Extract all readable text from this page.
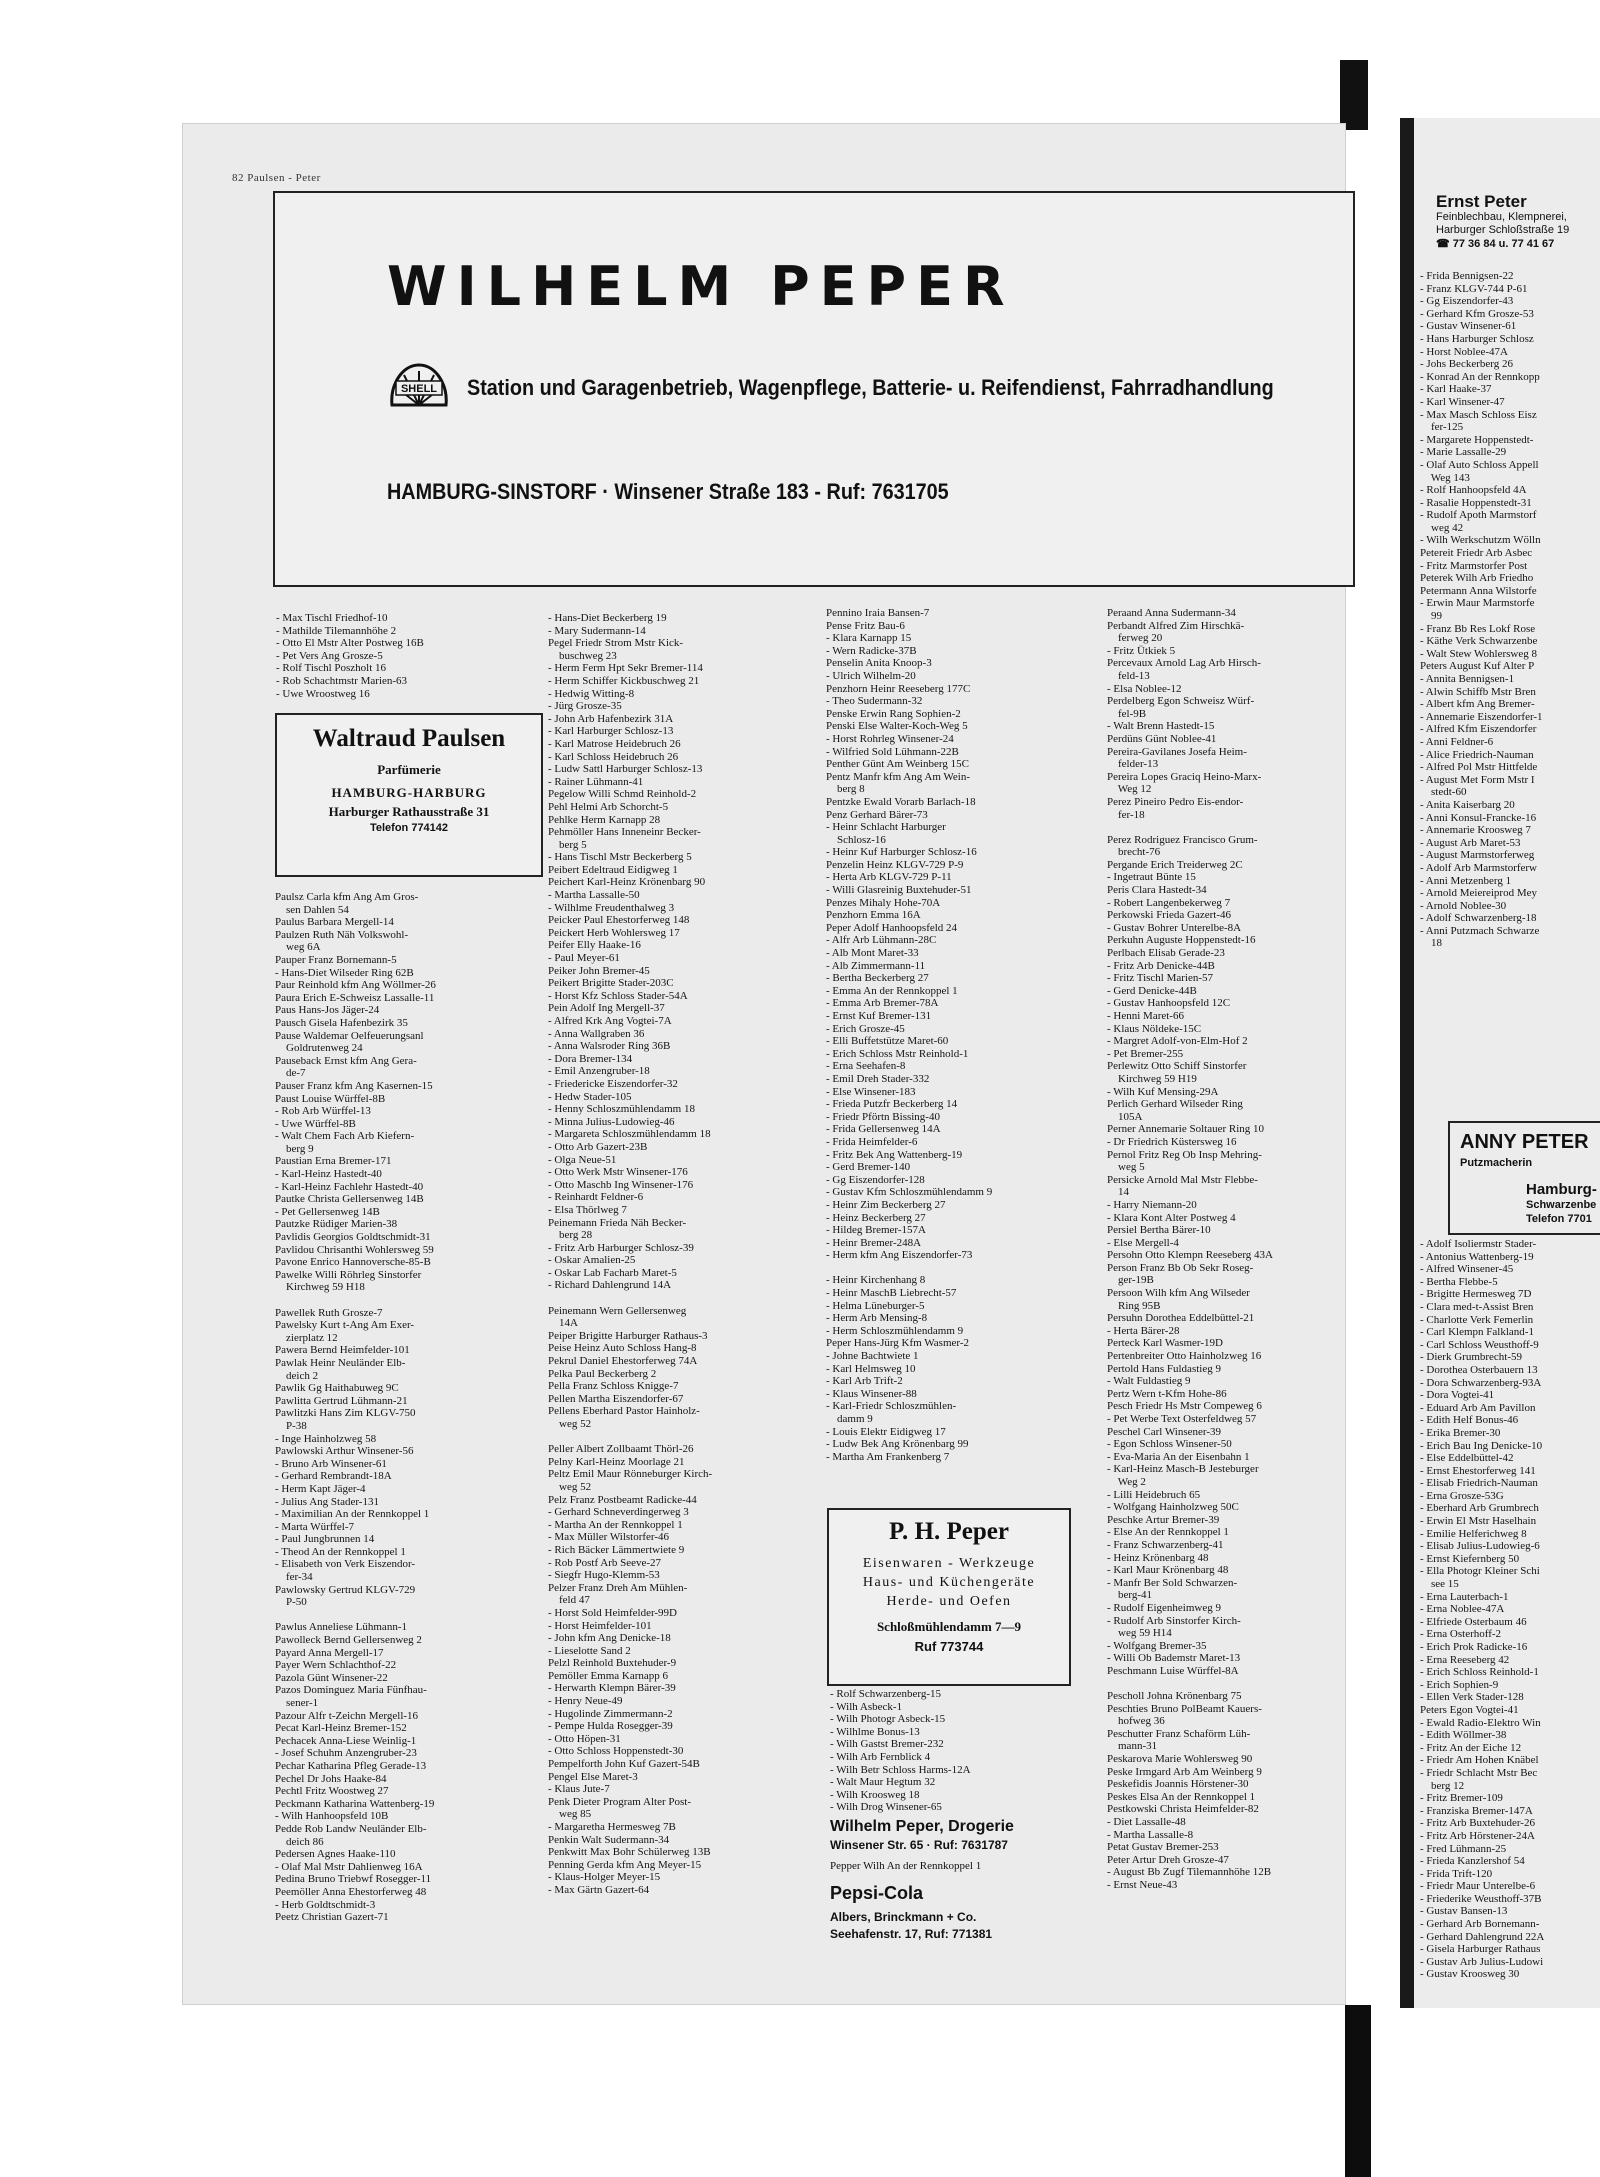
82 Paulsen - Peter
WILHELM PEPER
SHELL Station und Garagenbetrieb, Wagenpflege, Batterie- u. Reifendienst, Fahrradhandlung
HAMBURG-SINSTORF · Winsener Straße 183 - Ruf: 7631705
- Max Tischl Friedhof-10
- Mathilde Tilemannhöhe 2
- Otto El Mstr Alter Postweg 16B
- Pet Vers Ang Grosze-5
- Rolf Tischl Poszholt 16
- Rob Schachtmstr Marien-63
- Uwe Wroostweg 16
Waltraud Paulsen
Parfümerie
HAMBURG-HARBURG
Harburger Rathausstraße 31
Telefon 774142
Paulsz Carla kfm Ang Am Gros-
sen Dahlen 54
Paulus Barbara Mergell-14
Paulzen Ruth Näh Volkswohl-
weg 6A
Pauper Franz Bornemann-5
- Hans-Diet Wilseder Ring 62B
Paur Reinhold kfm Ang Wöllmer-26
Paura Erich E-Schweisz Lassalle-11
Paus Hans-Jos Jäger-24
Pausch Gisela Hafenbezirk 35
Pause Waldemar Oelfeuerungsanl
Goldrutenweg 24
Pauseback Ernst kfm Ang Gera-
de-7
Pauser Franz kfm Ang Kasernen-15
Paust Louise Würffel-8B
- Rob Arb Würffel-13
- Uwe Würffel-8B
- Walt Chem Fach Arb Kiefern-
berg 9
Paustian Erna Bremer-171
- Karl-Heinz Hastedt-40
- Karl-Heinz Fachlehr Hastedt-40
Pautke Christa Gellersenweg 14B
- Pet Gellersenweg 14B
Pautzke Rüdiger Marien-38
Pavlidis Georgios Goldtschmidt-31
Pavlidou Chrisanthi Wohlersweg 59
Pavone Enrico Hannoversche-85-B
Pawelke Willi Röhrleg Sinstorfer
Kirchweg 59 H18

Pawellek Ruth Grosze-7
Pawelsky Kurt t-Ang Am Exer-
zierplatz 12
Pawera Bernd Heimfelder-101
Pawlak Heinr Neuländer Elb-
deich 2
Pawlik Gg Haithabuweg 9C
Pawlitta Gertrud Lühmann-21
Pawlitzki Hans Zim KLGV-750
P-38
- Inge Hainholzweg 58
Pawlowski Arthur Winsener-56
- Bruno Arb Winsener-61
- Gerhard Rembrandt-18A
- Herm Kapt Jäger-4
- Julius Ang Stader-131
- Maximilian An der Rennkoppel 1
- Marta Würffel-7
- Paul Jungbrunnen 14
- Theod An der Rennkoppel 1
- Elisabeth von Verk Eiszendor-
fer-34
Pawlowsky Gertrud KLGV-729
P-50

Pawlus Anneliese Lühmann-1
Pawolleck Bernd Gellersenweg 2
Payard Anna Mergell-17
Payer Wern Schlachthof-22
Pazola Günt Winsener-22
Pazos Dominguez Maria Fünfhau-
sener-1
Pazour Alfr t-Zeichn Mergell-16
Pecat Karl-Heinz Bremer-152
Pechacek Anna-Liese Weinlig-1
- Josef Schuhm Anzengruber-23
Pechar Katharina Pfleg Gerade-13
Pechel Dr Johs Haake-84
Pechtl Fritz Woostweg 27
Peckmann Katharina Wattenberg-19
- Wilh Hanhoopsfeld 10B
Pedde Rob Landw Neuländer Elb-
deich 86
Pedersen Agnes Haake-110
- Olaf Mal Mstr Dahlienweg 16A
Pedina Bruno Triebwf Rosegger-11
Peemöller Anna Ehestorferweg 48
- Herb Goldtschmidt-3
Peetz Christian Gazert-71
- Hans-Diet Beckerberg 19
- Mary Sudermann-14
Pegel Friedr Strom Mstr Kick-
buschweg 23
- Herm Ferm Hpt Sekr Bremer-114
- Herm Schiffer Kickbuschweg 21
- Hedwig Witting-8
- Jürg Grosze-35
- John Arb Hafenbezirk 31A
- Karl Harburger Schlosz-13
- Karl Matrose Heidebruch 26
- Karl Schloss Heidebruch 26
- Ludw Sattl Harburger Schlosz-13
- Rainer Lühmann-41
Pegelow Willi Schmd Reinhold-2
Pehl Helmi Arb Schorcht-5
Pehlke Herm Karnapp 28
Pehmöller Hans Inneneinr Becker-
berg 5
- Hans Tischl Mstr Beckerberg 5
Peibert Edeltraud Eidigweg 1
Peichert Karl-Heinz Krönenbarg 90
- Martha Lassalle-50
- Wilhlme Freudenthalweg 3
Peicker Paul Ehestorferweg 148
Peickert Herb Wohlersweg 17
Peifer Elly Haake-16
- Paul Meyer-61
Peiker John Bremer-45
Peikert Brigitte Stader-203C
- Horst Kfz Schloss Stader-54A
Pein Adolf Ing Mergell-37
- Alfred Krk Ang Vogtei-7A
- Anna Wallgraben 36
- Anna Walsroder Ring 36B
- Dora Bremer-134
- Emil Anzengruber-18
- Friedericke Eiszendorfer-32
- Hedw Stader-105
- Henny Schloszmühlendamm 18
- Minna Julius-Ludowieg-46
- Margareta Schloszmühlendamm 18
- Otto Arb Gazert-23B
- Olga Neue-51
- Otto Werk Mstr Winsener-176
- Otto Maschb Ing Winsener-176
- Reinhardt Feldner-6
- Elsa Thörlweg 7
Peinemann Frieda Näh Becker-
berg 28
- Fritz Arb Harburger Schlosz-39
- Oskar Amalien-25
- Oskar Lab Facharb Maret-5
- Richard Dahlengrund 14A

Peinemann Wern Gellersenweg
14A
Peiper Brigitte Harburger Rathaus-3
Peise Heinz Auto Schloss Hang-8
Pekrul Daniel Ehestorferweg 74A
Pelka Paul Beckerberg 2
Pella Franz Schloss Knigge-7
Pellen Martha Eiszendorfer-67
Pellens Eberhard Pastor Hainholz-
weg 52

Peller Albert Zollbaamt Thörl-26
Pelny Karl-Heinz Moorlage 21
Peltz Emil Maur Rönneburger Kirch-
weg 52
Pelz Franz Postbeamt Radicke-44
- Gerhard Schneverdingerweg 3
- Martha An der Rennkoppel 1
- Max Müller Wilstorfer-46
- Rich Bäcker Lämmertwiete 9
- Rob Postf Arb Seeve-27
- Siegfr Hugo-Klemm-53
Pelzer Franz Dreh Am Mühlen-
feld 47
- Horst Sold Heimfelder-99D
- Horst Heimfelder-101
- John kfm Ang Denicke-18
- Lieselotte Sand 2
Pelzl Reinhold Buxtehuder-9
Pemöller Emma Karnapp 6
- Herwarth Klempn Bärer-39
- Henry Neue-49
- Hugolinde Zimmermann-2
- Pempe Hulda Rosegger-39
- Otto Höpen-31
- Otto Schloss Hoppenstedt-30
Pempelforth John Kuf Gazert-54B
Pengel Else Maret-3
- Klaus Jute-7
Penk Dieter Program Alter Post-
weg 85
- Margaretha Hermesweg 7B
Penkin Walt Sudermann-34
Penkwitt Max Bohr Schülerweg 13B
Penning Gerda kfm Ang Meyer-15
- Klaus-Holger Meyer-15
- Max Gärtn Gazert-64
Pennino Iraia Bansen-7
Pense Fritz Bau-6
- Klara Karnapp 15
- Wern Radicke-37B
Penselin Anita Knoop-3
- Ulrich Wilhelm-20
Penzhorn Heinr Reeseberg 177C
- Theo Sudermann-32
Penske Erwin Rang Sophien-2
Penski Else Walter-Koch-Weg 5
- Horst Rohrleg Winsener-24
- Wilfried Sold Lühmann-22B
Penther Günt Am Weinberg 15C
Pentz Manfr kfm Ang Am Wein-
berg 8
Pentzke Ewald Vorarb Barlach-18
Penz Gerhard Bärer-73
- Heinr Schlacht Harburger
Schlosz-16
- Heinr Kuf Harburger Schlosz-16
Penzelin Heinz KLGV-729 P-9
- Herta Arb KLGV-729 P-11
- Willi Glasreinig Buxtehuder-51
Penzes Mihaly Hohe-70A
Penzhorn Emma 16A
Peper Adolf Hanhoopsfeld 24
- Alfr Arb Lühmann-28C
- Alb Mont Maret-33
- Alb Zimmermann-11
- Bertha Beckerberg 27
- Emma An der Rennkoppel 1
- Emma Arb Bremer-78A
- Ernst Kuf Bremer-131
- Erich Grosze-45
- Elli Buffetstütze Maret-60
- Erich Schloss Mstr Reinhold-1
- Erna Seehafen-8
- Emil Dreh Stader-332
- Else Winsener-183
- Frieda Putzfr Beckerberg 14
- Friedr Pförtn Bissing-40
- Frida Gellersenweg 14A
- Frida Heimfelder-6
- Fritz Bek Ang Wattenberg-19
- Gerd Bremer-140
- Gg Eiszendorfer-128
- Gustav Kfm Schloszmühlendamm 9
- Heinr Zim Beckerberg 27
- Heinz Beckerberg 27
- Hildeg Bremer-157A
- Heinr Bremer-248A
- Herm kfm Ang Eiszendorfer-73

- Heinr Kirchenhang 8
- Heinr MaschB Liebrecht-57
- Helma Lüneburger-5
- Herm Arb Mensing-8
- Herm Schloszmühlendamm 9
Peper Hans-Jürg Kfm Wasmer-2
- Johne Bachtwiete 1
- Karl Helmsweg 10
- Karl Arb Trift-2
- Klaus Winsener-88
- Karl-Friedr Schloszmühlen-
damm 9
- Louis Elektr Eidigweg 17
- Ludw Bek Ang Krönenbarg 99
- Martha Am Frankenberg 7
P. H. Peper
Eisenwaren - Werkzeuge
Haus- und Küchengeräte
Herde- und Oefen
Schloßmühlendamm 7—9
Ruf 773744
- Rolf Schwarzenberg-15
- Wilh Asbeck-1
- Wilh Photogr Asbeck-15
- Wilhlme Bonus-13
- Wilh Gastst Bremer-232
- Wilh Arb Fernblick 4
- Wilh Betr Schloss Harms-12A
- Walt Maur Hegtum 32
- Wilh Kroosweg 18
- Wilh Drog Winsener-65
Wilhelm Peper, Drogerie
Winsener Str. 65 · Ruf: 7631787
Pepper Wilh An der Rennkoppel 1
Pepsi-Cola
Albers, Brinckmann + Co.
Seehafenstr. 17, Ruf: 771381
Peraand Anna Sudermann-34
Perbandt Alfred Zim Hirschkä-
ferweg 20
- Fritz Ütkiek 5
Percevaux Arnold Lag Arb Hirsch-
feld-13
- Elsa Noblee-12
Perdelberg Egon Schweisz Würf-
fel-9B
- Walt Brenn Hastedt-15
Perdüns Günt Noblee-41
Pereira-Gavilanes Josefa Heim-
felder-13
Pereira Lopes Graciq Heino-Marx-
Weg 12
Perez Pineiro Pedro Eis-endor-
fer-18

Perez Rodriguez Francisco Grum-
brecht-76
Pergande Erich Treiderweg 2C
- Ingetraut Bünte 15
Peris Clara Hastedt-34
- Robert Langenbekerweg 7
Perkowski Frieda Gazert-46
- Gustav Bohrer Unterelbe-8A
Perkuhn Auguste Hoppenstedt-16
Perlbach Elisab Gerade-23
- Fritz Arb Denicke-44B
- Fritz Tischl Marien-57
- Gerd Denicke-44B
- Gustav Hanhoopsfeld 12C
- Henni Maret-66
- Klaus Nöldeke-15C
- Margret Adolf-von-Elm-Hof 2
- Pet Bremer-255
Perlewitz Otto Schiff Sinstorfer
Kirchweg 59 H19
- Wilh Kuf Mensing-29A
Perlich Gerhard Wilseder Ring
105A
Perner Annemarie Soltauer Ring 10
- Dr Friedrich Küstersweg 16
Pernol Fritz Reg Ob Insp Mehring-
weg 5
Persicke Arnold Mal Mstr Flebbe-
14
- Harry Niemann-20
- Klara Kont Alter Postweg 4
Persiel Bertha Bärer-10
- Else Mergell-4
Persohn Otto Klempn Reeseberg 43A
Person Franz Bb Ob Sekr Roseg-
ger-19B
Persoon Wilh kfm Ang Wilseder
Ring 95B
Persuhn Dorothea Eddelbüttel-21
- Herta Bärer-28
Perteck Karl Wasmer-19D
Pertenbreiter Otto Hainholzweg 16
Pertold Hans Fuldastieg 9
- Walt Fuldastieg 9
Pertz Wern t-Kfm Hohe-86
Pesch Friedr Hs Mstr Compeweg 6
- Pet Werbe Text Osterfeldweg 57
Peschel Carl Winsener-39
- Egon Schloss Winsener-50
- Eva-Maria An der Eisenbahn 1
- Karl-Heinz Masch-B Jesteburger
Weg 2
- Lilli Heidebruch 65
- Wolfgang Hainholzweg 50C
Peschke Artur Bremer-39
- Else An der Rennkoppel 1
- Franz Schwarzenberg-41
- Heinz Krönenbarg 48
- Karl Maur Krönenbarg 48
- Manfr Ber Sold Schwarzen-
berg-41
- Rudolf Eigenheimweg 9
- Rudolf Arb Sinstorfer Kirch-
weg 59 H14
- Wolfgang Bremer-35
- Willi Ob Bademstr Maret-13
Peschmann Luise Würffel-8A

Pescholl Johna Krönenbarg 75
Peschties Bruno PolBeamt Kauers-
hofweg 36
Peschutter Franz Schaförm Lüh-
mann-31
Peskarova Marie Wohlersweg 90
Peske Irmgard Arb Am Weinberg 9
Peskefidis Joannis Hörstener-30
Peskes Elsa An der Rennkoppel 1
Pestkowski Christa Heimfelder-82
- Diet Lassalle-48
- Martha Lassalle-8
Petat Gustav Bremer-253
Peter Artur Dreh Grosze-47
- August Bb Zugf Tilemannhöhe 12B
- Ernst Neue-43
Ernst Peter
Feinblechbau, Klempnerei,
Harburger Schloßstraße 19
☎ 77 36 84 u. 77 41 67
- Frida Bennigsen-22
- Franz KLGV-744 P-61
- Gg Eiszendorfer-43
- Gerhard Kfm Grosze-53
- Gustav Winsener-61
- Hans Harburger Schlosz
- Horst Noblee-47A
- Johs Beckerberg 26
- Konrad An der Rennkopp
- Karl Haake-37
- Karl Winsener-47
- Max Masch Schloss Eisz
fer-125
- Margarete Hoppenstedt-
- Marie Lassalle-29
- Olaf Auto Schloss Appell
Weg 143
- Rolf Hanhoopsfeld 4A
- Rasalie Hoppenstedt-31
- Rudolf Apoth Marmstorf
weg 42
- Wilh Werkschutzm Wölln
Petereit Friedr Arb Asbec
- Fritz Marmstorfer Post
Peterek Wilh Arb Friedho
Petermann Anna Wilstorfe
- Erwin Maur Marmstorfe
99
- Franz Bb Res Lokf Rose
- Käthe Verk Schwarzenbe
- Walt Stew Wohlersweg 8
Peters August Kuf Alter P
- Annita Bennigsen-1
- Alwin Schiffb Mstr Bren
- Albert kfm Ang Bremer-
- Annemarie Eiszendorfer-1
- Alfred Kfm Eiszendorfer
- Anni Feldner-6
- Alice Friedrich-Nauman
- Alfred Pol Mstr Hittfelde
- August Met Form Mstr I
stedt-60
- Anita Kaiserbarg 20
- Anni Konsul-Francke-16
- Annemarie Kroosweg 7
- August Arb Maret-53
- August Marmstorferweg
- Adolf Arb Marmstorferw
- Anni Metzenberg 1
- Arnold Meiereiprod Mey
- Arnold Noblee-30
- Adolf Schwarzenberg-18
- Anni Putzmach Schwarze
18
ANNY PETER
Putzmacherin
Hamburg-
Schwarzenbe
Telefon 7701
- Adolf Isoliermstr Stader-
- Antonius Wattenberg-19
- Alfred Winsener-45
- Bertha Flebbe-5
- Brigitte Hermesweg 7D
- Clara med-t-Assist Bren
- Charlotte Verk Femerlin
- Carl Klempn Falkland-1
- Carl Schloss Weusthoff-9
- Dierk Grumbrecht-59
- Dorothea Osterbauern 13
- Dora Schwarzenberg-93A
- Dora Vogtei-41
- Eduard Arb Am Pavillon
- Edith Helf Bonus-46
- Erika Bremer-30
- Erich Bau Ing Denicke-10
- Else Eddelbüttel-42
- Ernst Ehestorferweg 141
- Elisab Friedrich-Nauman
- Erna Grosze-53G
- Eberhard Arb Grumbrech
- Erwin El Mstr Haselhain
- Emilie Helferichweg 8
- Elisab Julius-Ludowieg-6
- Ernst Kiefernberg 50
- Ella Photogr Kleiner Schi
see 15
- Erna Lauterbach-1
- Erna Noblee-47A
- Elfriede Osterbaum 46
- Erna Osterhoff-2
- Erich Prok Radicke-16
- Erna Reeseberg 42
- Erich Schloss Reinhold-1
- Erich Sophien-9
- Ellen Verk Stader-128
Peters Egon Vogtei-41
- Ewald Radio-Elektro Win
- Edith Wöllmer-38
- Fritz An der Eiche 12
- Friedr Am Hohen Knäbel
- Friedr Schlacht Mstr Bec
berg 12
- Fritz Bremer-109
- Franziska Bremer-147A
- Fritz Arb Buxtehuder-26
- Fritz Arb Hörstener-24A
- Fred Lühmann-25
- Frieda Kanzlershof 54
- Frida Trift-120
- Friedr Maur Unterelbe-6
- Friederike Weusthoff-37B
- Gustav Bansen-13
- Gerhard Arb Bornemann-
- Gerhard Dahlengrund 22A
- Gisela Harburger Rathaus
- Gustav Arb Julius-Ludowi
- Gustav Kroosweg 30
